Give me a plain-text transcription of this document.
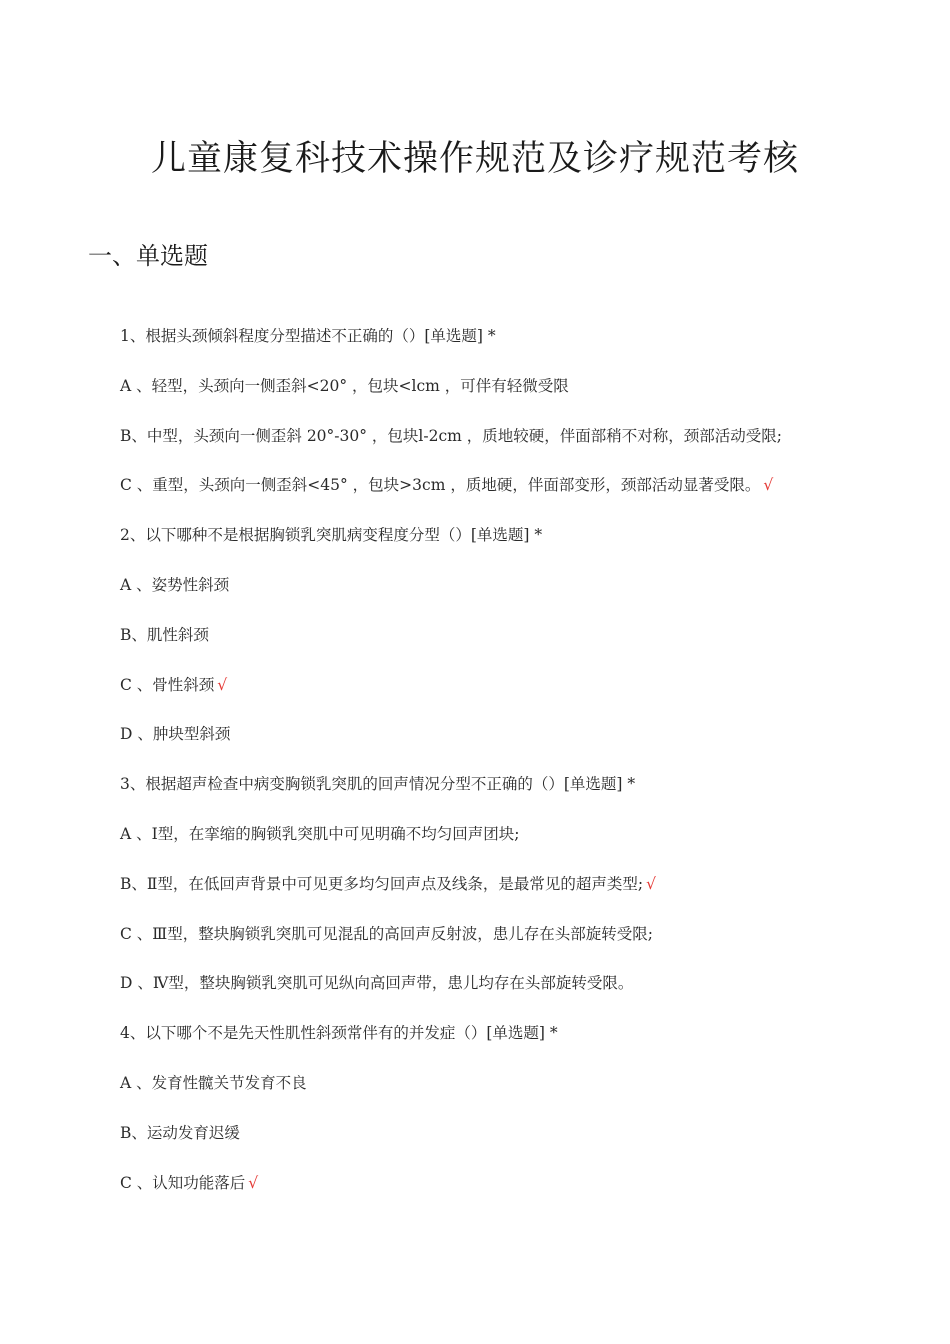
儿童康复科技术操作规范及诊疗规范考核
一、单选题
1、根据头颈倾斜程度分型描述不正确的（）[单选题] *
A 、轻型，头颈向一侧歪斜<20° ，包块<lcm ，可伴有轻微受限
B、中型，头颈向一侧歪斜 20°-30° ，包块l-2cm ，质地较硬，伴面部稍不对称，颈部活动受限;
C 、重型，头颈向一侧歪斜<45° ，包块>3cm ，质地硬，伴面部变形，颈部活动显著受限。 √
2、以下哪种不是根据胸锁乳突肌病变程度分型（）[单选题] *
A 、姿势性斜颈
B、肌性斜颈
C 、骨性斜颈 √
D 、肿块型斜颈
3、根据超声检查中病变胸锁乳突肌的回声情况分型不正确的（）[单选题] *
A 、Ⅰ型，在挛缩的胸锁乳突肌中可见明确不均匀回声团块;
B、Ⅱ型，在低回声背景中可见更多均匀回声点及线条，是最常见的超声类型; √
C 、Ⅲ型，整块胸锁乳突肌可见混乱的高回声反射波，患儿存在头部旋转受限;
D 、Ⅳ型，整块胸锁乳突肌可见纵向高回声带，患儿均存在头部旋转受限。
4、以下哪个不是先天性肌性斜颈常伴有的并发症（）[单选题] *
A 、发育性髋关节发育不良
B、运动发育迟缓
C 、认知功能落后 √
